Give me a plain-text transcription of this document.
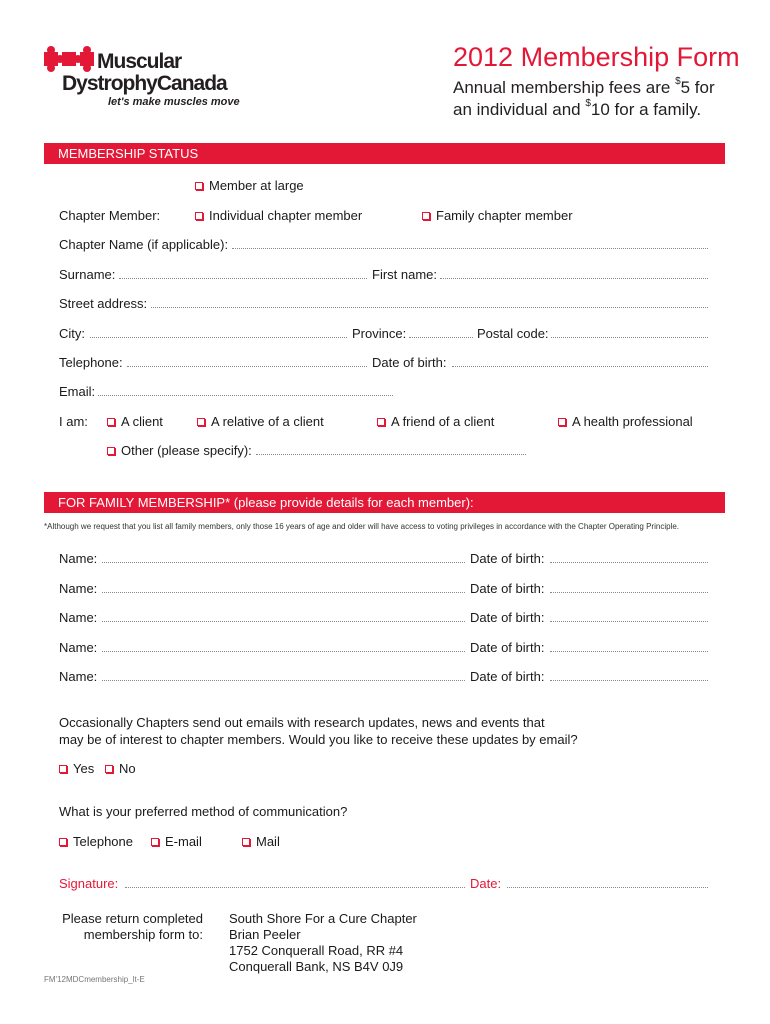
Muscular
DystrophyCanada
let's make muscles move
2012 Membership Form
Annual membership fees are $5 for
an individual and $10 for a family.
MEMBERSHIP STATUS
Member at large
Chapter Member:	Individual chapter member	Family chapter member
Chapter Name (if applicable):
Surname:	First name:
Street address:
City:	Province:	Postal code:
Telephone:	Date of birth:
Email:
I am:	A client	A relative of a client	A friend of a client	A health professional
Other (please specify):
FOR FAMILY MEMBERSHIP* (please provide details for each member):
*Although we request that you list all family members, only those 16 years of age and older will have access to voting privileges in accordance with the Chapter Operating Principle.
Name:	Date of birth:
Name:	Date of birth:
Name:	Date of birth:
Name:	Date of birth:
Name:	Date of birth:
Occasionally Chapters send out emails with research updates, news and events that
may be of interest to chapter members. Would you like to receive these updates by email?
Yes	No
What is your preferred method of communication?
Telephone	E-mail	Mail
Signature:	Date:
Please return completed
membership form to:
South Shore For a Cure Chapter
Brian Peeler
1752 Conquerall Road, RR #4
Conquerall Bank, NS B4V 0J9
FM'12MDCmembership_lt-E
